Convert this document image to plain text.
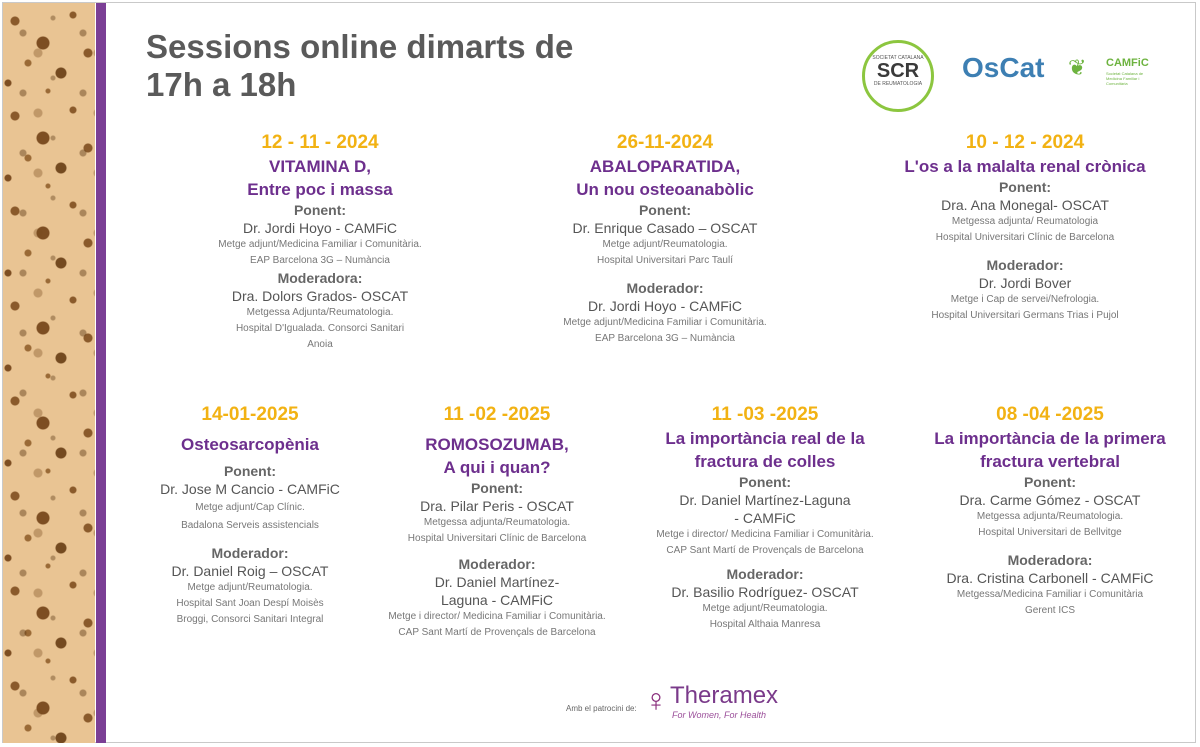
Sessions online dimarts de
17h a 18h
SOCIETAT CATALANA
SCR
DE REUMATOLOGIA
OsCat ❦	CAMFiC
Societat Catalana de Medicina Familiar i Comunitària
12 - 11 - 2024
VITAMINA D,
Entre poc i massa
Ponent:
Dr. Jordi Hoyo - CAMFiC
Metge adjunt/Medicina Familiar i Comunitària.
EAP Barcelona 3G – Numància
Moderadora:
Dra. Dolors Grados- OSCAT
Metgessa Adjunta/Reumatologia.
Hospital D'Igualada. Consorci Sanitari
Anoia
26-11-2024
ABALOPARATIDA,
Un nou osteoanabòlic
Ponent:
Dr. Enrique Casado – OSCAT
Metge adjunt/Reumatologia.
Hospital Universitari Parc Taulí
Moderador:
Dr. Jordi Hoyo - CAMFiC
Metge adjunt/Medicina Familiar i Comunitària.
EAP Barcelona 3G – Numància
10 - 12 - 2024
L'os a la malalta renal crònica
Ponent:
Dra. Ana Monegal- OSCAT
Metgessa adjunta/ Reumatologia
Hospital Universitari Clínic de Barcelona
Moderador:
Dr. Jordi Bover
Metge i Cap de servei/Nefrologia.
Hospital Universitari Germans Trias i Pujol
14-01-2025
Osteosarcopènia
Ponent:
Dr. Jose M Cancio - CAMFiC
Metge adjunt/Cap Clínic.
Badalona Serveis assistencials
Moderador:
Dr. Daniel Roig – OSCAT
Metge adjunt/Reumatologia.
Hospital Sant Joan Despí Moisès
Broggi, Consorci Sanitari Integral
11 -02 -2025
ROMOSOZUMAB,
A qui i quan?
Ponent:
Dra. Pilar Peris - OSCAT
Metgessa adjunta/Reumatologia.
Hospital Universitari Clínic de Barcelona
Moderador:
Dr. Daniel Martínez-
Laguna - CAMFiC
Metge i director/ Medicina Familiar i Comunitària.
CAP Sant Martí de Provençals de Barcelona
11 -03 -2025
La importància real de la
fractura de colles
Ponent:
Dr. Daniel Martínez-Laguna
- CAMFiC
Metge i director/ Medicina Familiar i Comunitària.
CAP Sant Martí de Provençals de Barcelona
Moderador:
Dr. Basilio Rodríguez- OSCAT
Metge adjunt/Reumatologia.
Hospital Althaia Manresa
08 -04 -2025
La importància de la primera
fractura vertebral
Ponent:
Dra. Carme Gómez - OSCAT
Metgessa adjunta/Reumatologia.
Hospital Universitari de Bellvitge
Moderadora:
Dra. Cristina Carbonell - CAMFiC
Metgessa/Medicina Familiar i Comunitària
Gerent ICS
Amb el patrocini de: ♀ Theramex
For Women, For Health
